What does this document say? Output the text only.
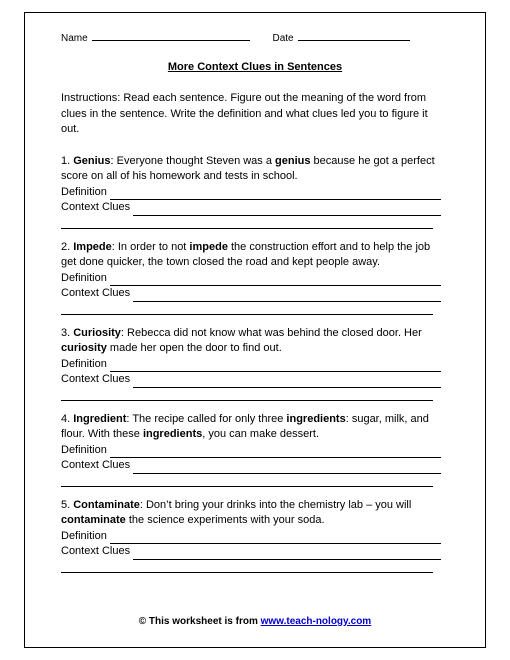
Name	Date
More Context Clues in Sentences

Instructions: Read each sentence. Figure out the meaning of the word from clues in the sentence. Write the definition and what clues led you to figure it out.

1. Genius: Everyone thought Steven was a genius because he got a perfect score on all of his homework and tests in school.

Definition
Context Clues

2. Impede: In order to not impede the construction effort and to help the job get done quicker, the town closed the road and kept people away.

Definition
Context Clues

3. Curiosity: Rebecca did not know what was behind the closed door. Her curiosity made her open the door to find out.

Definition
Context Clues

4. Ingredient: The recipe called for only three ingredients: sugar, milk, and flour. With these ingredients, you can make dessert.

Definition
Context Clues

5. Contaminate: Don’t bring your drinks into the chemistry lab – you will contaminate the science experiments with your soda.

Definition
Context Clues
© This worksheet is from www.teach-nology.com
